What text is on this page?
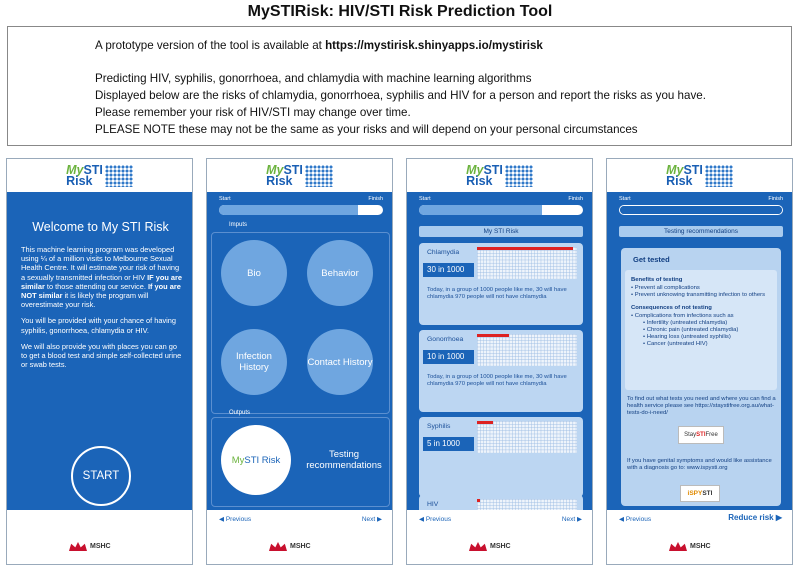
MySTIRisk: HIV/STI Risk Prediction Tool

A prototype version of the tool is available at https://mystirisk.shinyapps.io/mystirisk

Predicting HIV, syphilis, gonorrhoea, and chlamydia with machine learning algorithms

Displayed below are the risks of chlamydia, gonorrhoea, syphilis and HIV for a person and report the risks as you have.

Please remember your risk of HIV/STI may change over time.

PLEASE NOTE these may not be the same as your risks and will depend on your personal circumstances

MySTI
Risk
Welcome to My STI Risk

This machine learning program was developed using ¼ of a million visits to Melbourne Sexual Health Centre. It will estimate your risk of having a sexually transmitted infection or HIV IF you are similar to those attending our service. If you are NOT similar it is likely the program will overestimate your risk.

You will be provided with your chance of having syphilis, gonorrhoea, chlamydia or HIV.

We will also provide you with places you can go to get a blood test and simple self-collected urine or swab tests.

START
MSHC
MySTI
Risk
Start	Finish
Imputs
Bio	Behavior
Infection History	Contact History
Outputs
My STI Risk	Testing recommendations
◀ Previous	Next ▶
MSHC
MySTI
Risk
Start	Finish
My STI Risk
Chlamydia
30 in 1000
Today, in a group of 1000 people like me, 30 will have chlamydia 970 people will not have chlamydia
Gonorrhoea
10 in 1000
Today, in a group of 1000 people like me, 30 will have chlamydia 970 people will not have chlamydia
Syphilis
5 in 1000
HIV
◀ Previous	Next ▶
MSHC
MySTI
Risk
Start	Finish
Testing recommendations
Get tested
Benefits of testing
• Prevent all complications
• Prevent unknowing transmitting infection to others
Consequences of not testing
• Complications from infections such as
• Infertility (untreated chlamydia)
• Chronic pain (untreated chlamydia)
• Hearing loss (untreated syphilis)
• Cancer (untreated HIV)
To find out what tests you need and where you can find a health service please see https://staystifree.org.au/what-tests-do-i-need/
StaySTIFree
If you have genital symptoms and would like assistance with a diagnosis go to: www.ispysti.org
iSPYSTI
◀ Previous	Reduce risk ▶
MSHC
